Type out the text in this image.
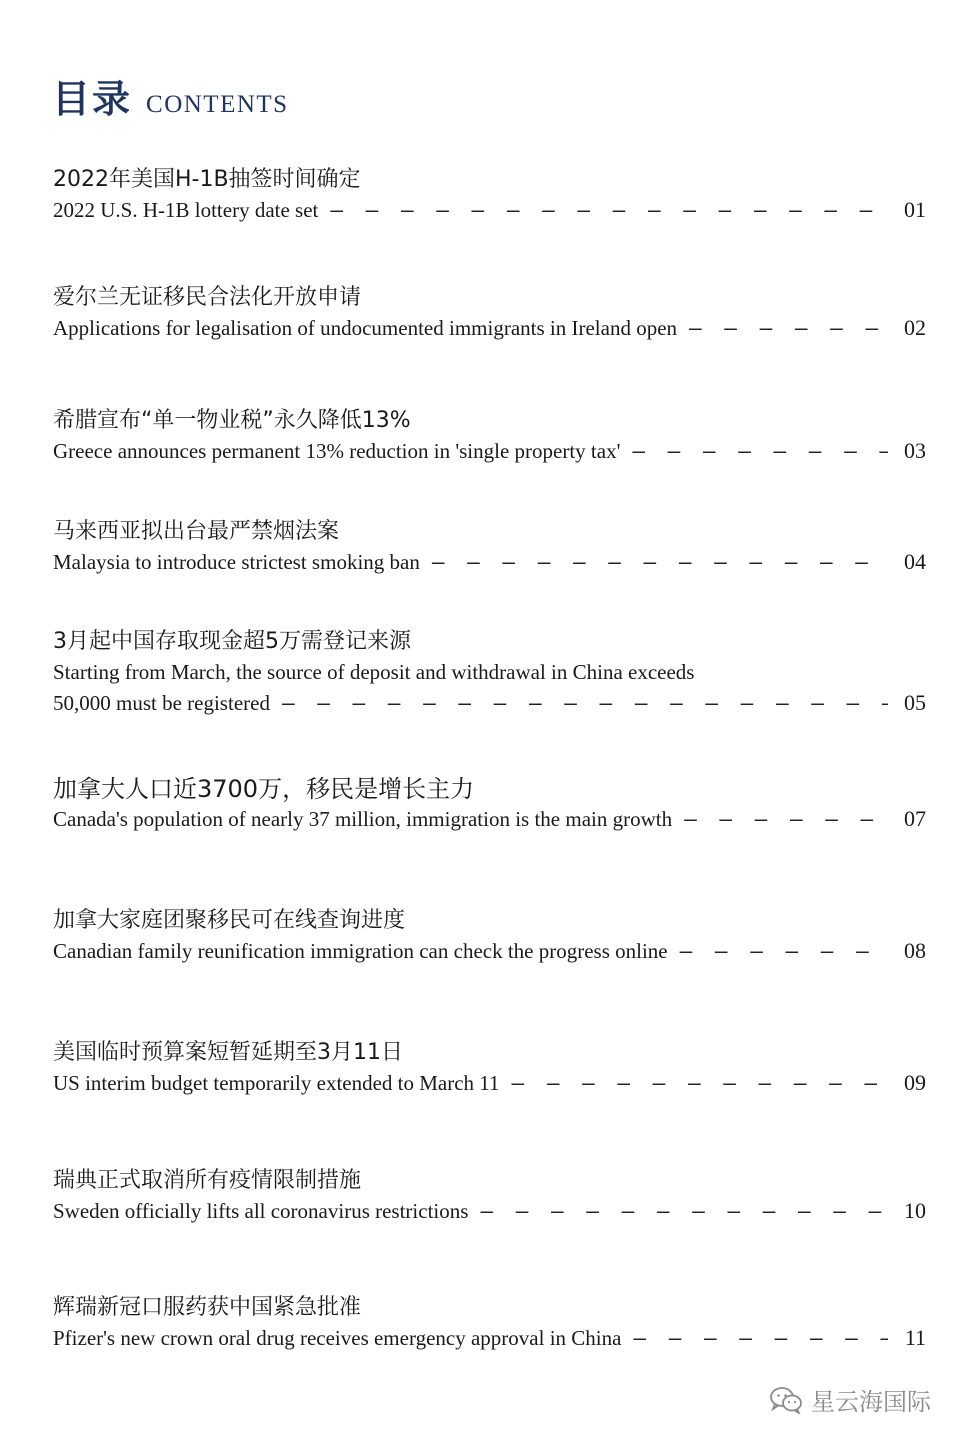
目录 CONTENTS
2022年美国H-1B抽签时间确定
2022 U.S. H-1B lottery date set – – –	01
爱尔兰无证移民合法化开放申请
Applications for legalisation of undocumented immigrants in Ireland open – – –	02
希腊宣布“单一物业税”永久降低13%
Greece announces permanent 13% reduction in 'single property tax' – – –	03
马来西亚拟出台最严禁烟法案
Malaysia to introduce strictest smoking ban – – –	04
3月起中国存取现金超5万需登记来源
Starting from March, the source of deposit and withdrawal in China exceeds
50,000 must be registered – – –	05
加拿大人口近3700万，移民是增长主力
Canada's population of nearly 37 million, immigration is the main growth – – –	07
加拿大家庭团聚移民可在线查询进度
Canadian family reunification immigration can check the progress online – – –	08
美国临时预算案短暂延期至3月11日
US interim budget temporarily extended to March 11 – – –	09
瑞典正式取消所有疫情限制措施
Sweden officially lifts all coronavirus restrictions – – –	10
辉瑞新冠口服药获中国紧急批准
Pfizer's new crown oral drug receives emergency approval in China – – –	11
星云海国际
